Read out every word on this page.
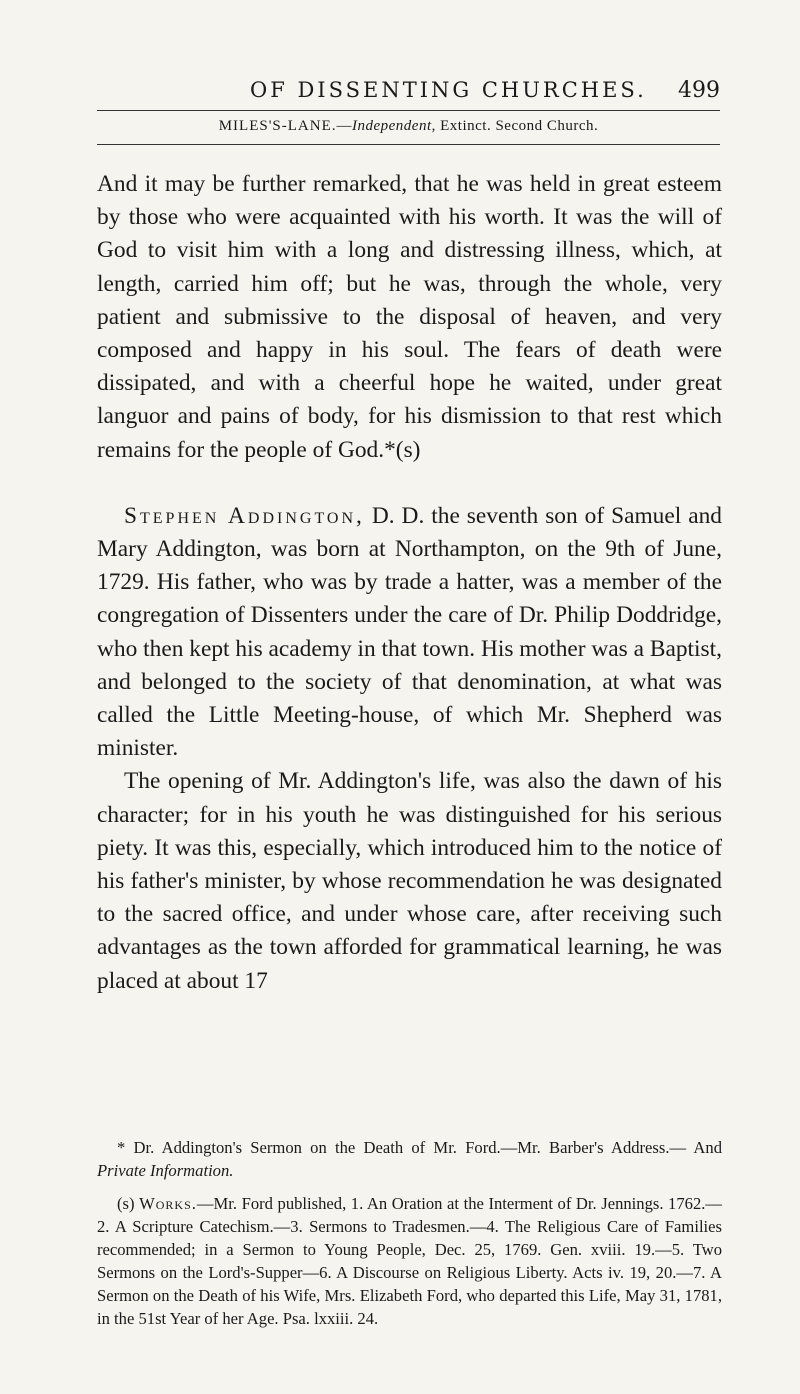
OF DISSENTING CHURCHES. 499
MILES'S-LANE.—Independent, Extinct. Second Church.

And it may be further remarked, that he was held in great esteem by those who were acquainted with his worth. It was the will of God to visit him with a long and distressing illness, which, at length, carried him off; but he was, through the whole, very patient and submissive to the disposal of heaven, and very composed and happy in his soul. The fears of death were dissipated, and with a cheerful hope he waited, under great languor and pains of body, for his dismission to that rest which remains for the people of God.*(s)

Stephen Addington, D. D. the seventh son of Samuel and Mary Addington, was born at Northampton, on the 9th of June, 1729. His father, who was by trade a hatter, was a member of the congregation of Dissenters under the care of Dr. Philip Doddridge, who then kept his academy in that town. His mother was a Baptist, and belonged to the society of that denomination, at what was called the Little Meeting-house, of which Mr. Shepherd was minister.

The opening of Mr. Addington's life, was also the dawn of his character; for in his youth he was distinguished for his serious piety. It was this, especially, which introduced him to the notice of his father's minister, by whose recommendation he was designated to the sacred office, and under whose care, after receiving such advantages as the town afforded for grammatical learning, he was placed at about 17

* Dr. Addington's Sermon on the Death of Mr. Ford.—Mr. Barber's Address.— And Private Information.

(s) Works.—Mr. Ford published, 1. An Oration at the Interment of Dr. Jennings. 1762.—2. A Scripture Catechism.—3. Sermons to Tradesmen.—4. The Religious Care of Families recommended; in a Sermon to Young People, Dec. 25, 1769. Gen. xviii. 19.—5. Two Sermons on the Lord's-Supper—6. A Discourse on Religious Liberty. Acts iv. 19, 20.—7. A Sermon on the Death of his Wife, Mrs. Elizabeth Ford, who departed this Life, May 31, 1781, in the 51st Year of her Age. Psa. lxxiii. 24.
